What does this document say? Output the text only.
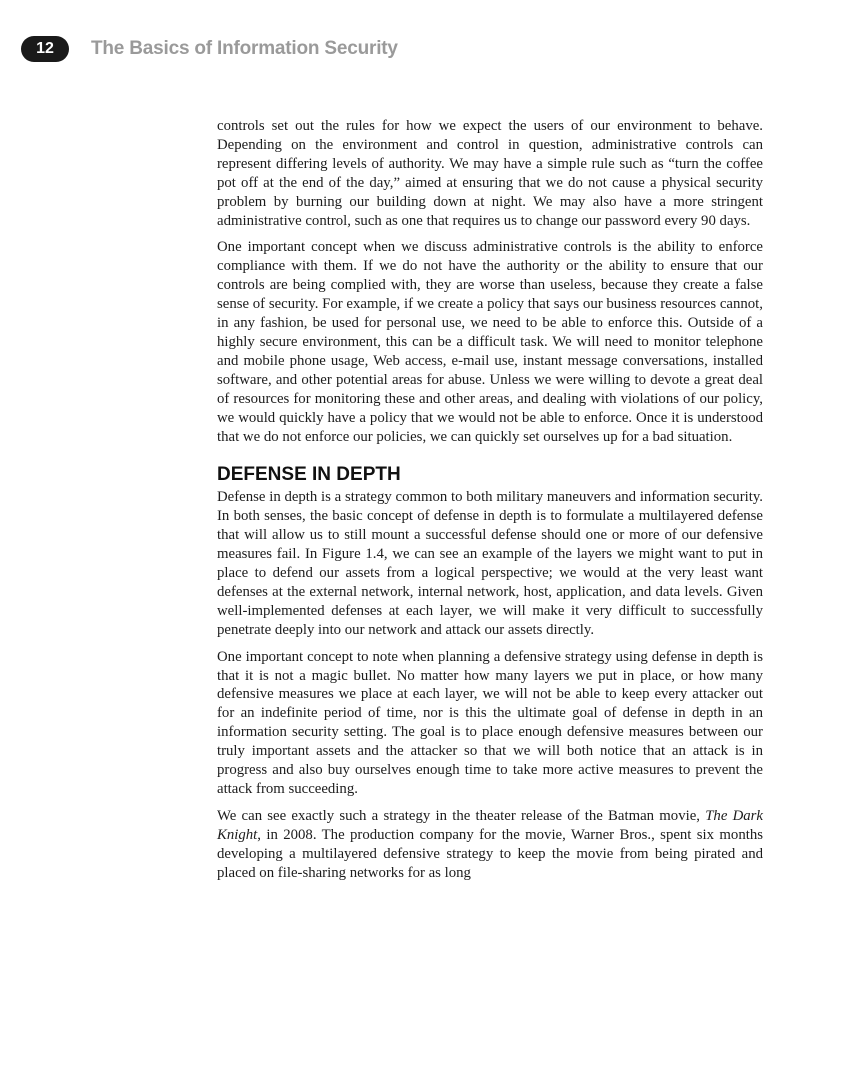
12	The Basics of Information Security

controls set out the rules for how we expect the users of our environment to behave. Depending on the environment and control in question, administrative controls can represent differing levels of authority. We may have a simple rule such as “turn the coffee pot off at the end of the day,” aimed at ensuring that we do not cause a physical security problem by burning our building down at night. We may also have a more stringent administrative control, such as one that requires us to change our password every 90 days.

One important concept when we discuss administrative controls is the ability to enforce compliance with them. If we do not have the authority or the ability to ensure that our controls are being complied with, they are worse than useless, because they create a false sense of security. For example, if we create a policy that says our business resources cannot, in any fashion, be used for personal use, we need to be able to enforce this. Outside of a highly secure environment, this can be a difficult task. We will need to monitor telephone and mobile phone usage, Web access, e-mail use, instant message conversations, installed software, and other potential areas for abuse. Unless we were willing to devote a great deal of resources for monitoring these and other areas, and dealing with violations of our policy, we would quickly have a policy that we would not be able to enforce. Once it is understood that we do not enforce our policies, we can quickly set ourselves up for a bad situation.

DEFENSE IN DEPTH

Defense in depth is a strategy common to both military maneuvers and information security. In both senses, the basic concept of defense in depth is to formulate a multilayered defense that will allow us to still mount a successful defense should one or more of our defensive measures fail. In Figure 1.4, we can see an example of the layers we might want to put in place to defend our assets from a logical perspective; we would at the very least want defenses at the external network, internal network, host, application, and data levels. Given well-implemented defenses at each layer, we will make it very difficult to successfully penetrate deeply into our network and attack our assets directly.

One important concept to note when planning a defensive strategy using defense in depth is that it is not a magic bullet. No matter how many layers we put in place, or how many defensive measures we place at each layer, we will not be able to keep every attacker out for an indefinite period of time, nor is this the ultimate goal of defense in depth in an information security setting. The goal is to place enough defensive measures between our truly important assets and the attacker so that we will both notice that an attack is in progress and also buy ourselves enough time to take more active measures to prevent the attack from succeeding.

We can see exactly such a strategy in the theater release of the Batman movie, The Dark Knight, in 2008. The production company for the movie, Warner Bros., spent six months developing a multilayered defensive strategy to keep the movie from being pirated and placed on file-sharing networks for as long
